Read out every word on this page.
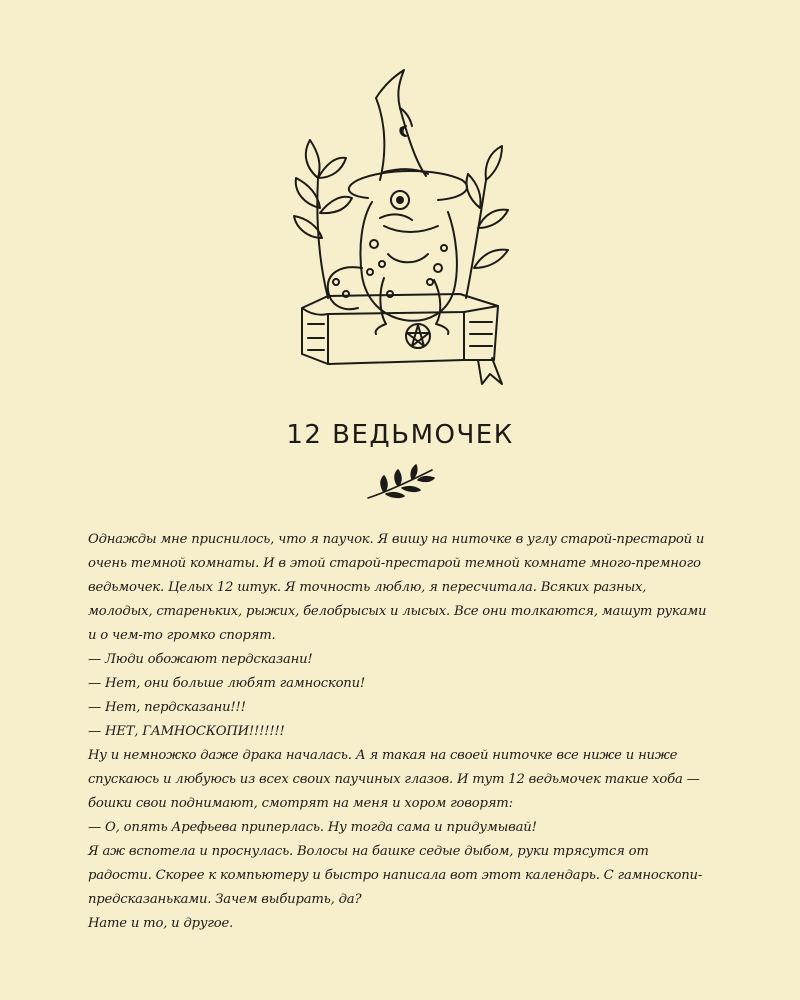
12 ВЕДЬМОЧЕК

Однажды мне приснилось, что я паучок. Я вишу на ниточке в углу старой-престарой и очень темной комнаты. И в этой старой-престарой темной комнате много-премного ведьмочек. Целых 12 штук. Я точность люблю, я пересчитала. Всяких разных, молодых, стареньких, рыжих, белобрысых и лысых. Все они толкаются, машут руками и о чем-то громко спорят.

— Люди обожают пердсказани!

— Нет, они больше любят гамноскопи!

— Нет, пердсказани!!!

— НЕТ, ГАМНОСКОПИ!!!!!!!

Ну и немножко даже драка началась. А я такая на своей ниточке все ниже и ниже спускаюсь и любуюсь из всех своих паучиных глазов. И тут 12 ведьмочек такие хоба — бошки свои поднимают, смотрят на меня и хором говорят:

— О, опять Арефьева приперлась. Ну тогда сама и придумывай!

Я аж вспотела и проснулась. Волосы на башке седые дыбом, руки трясутся от радости. Скорее к компьютеру и быстро написала вот этот календарь. С гамноскопи-предсказаньками. Зачем выбирать, да?

Нате и то, и другое.
